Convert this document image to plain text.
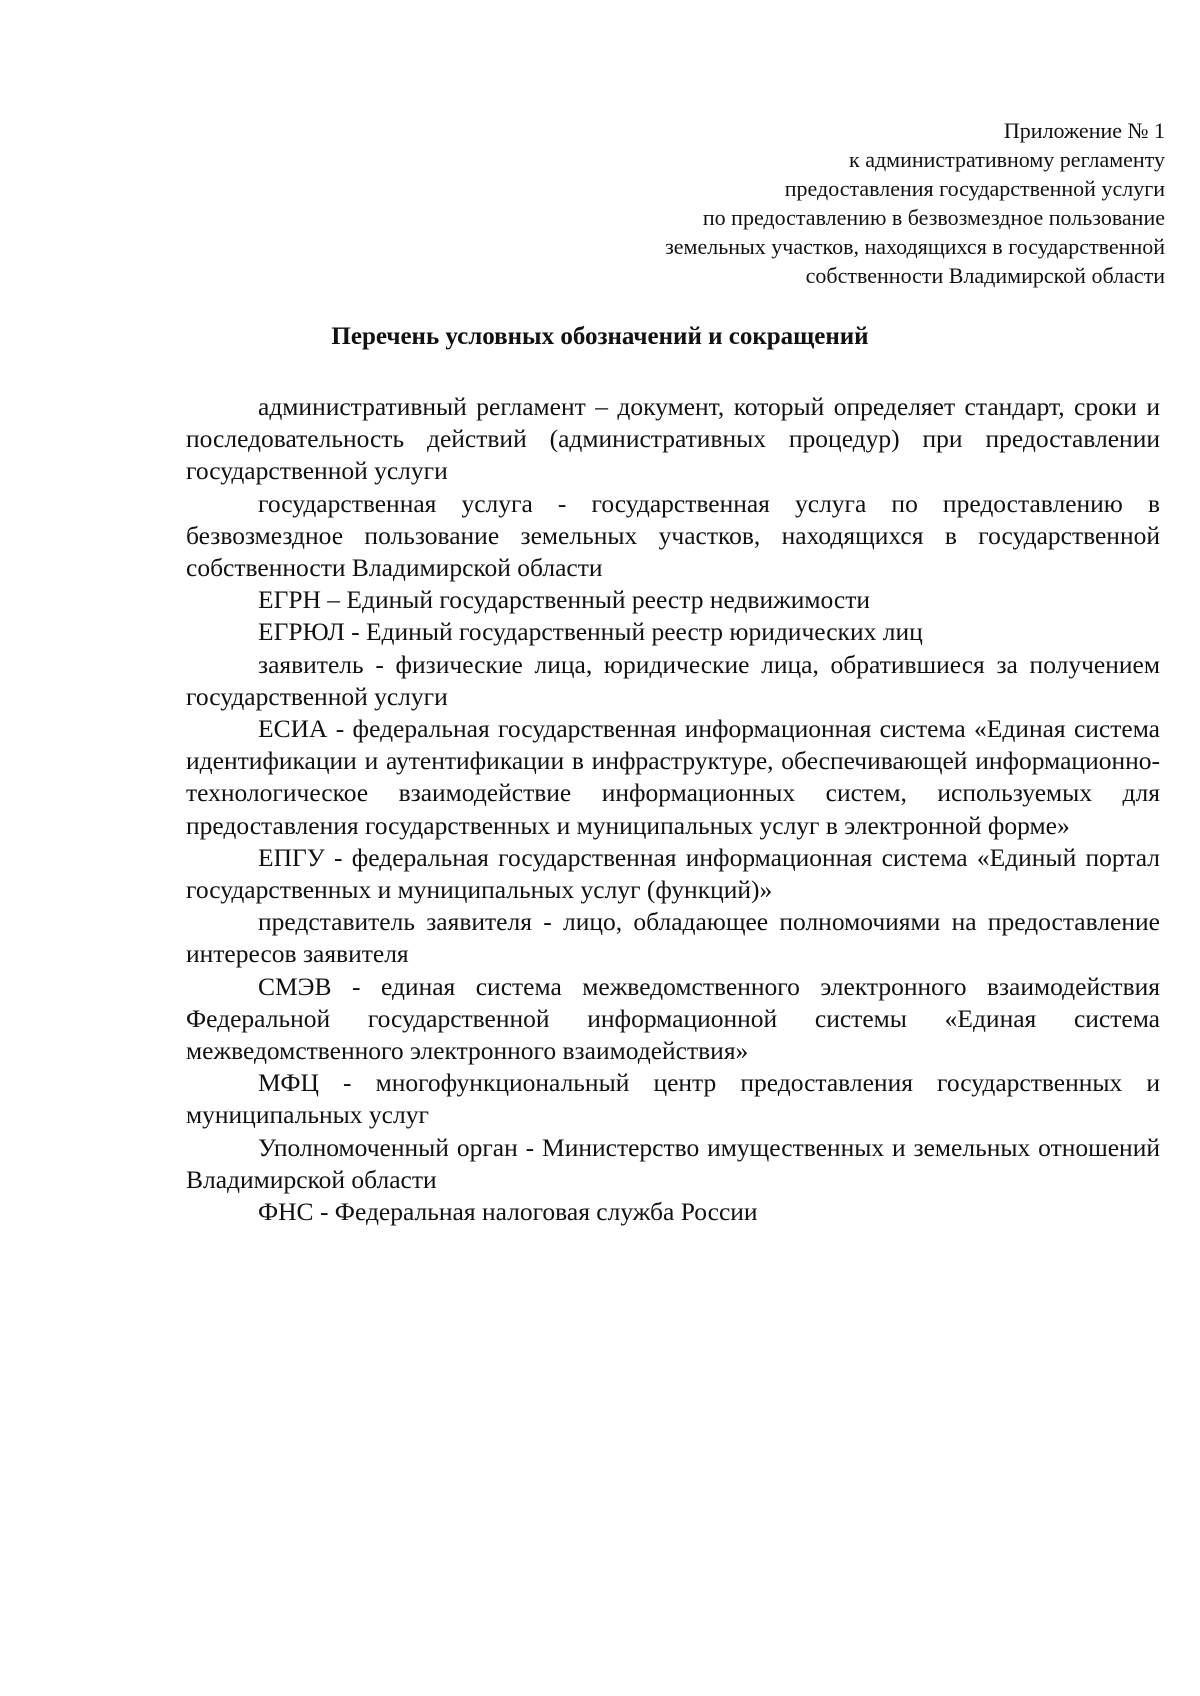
Приложение № 1
к административному регламенту
предоставления государственной услуги
по предоставлению в безвозмездное пользование
земельных участков, находящихся в государственной
собственности Владимирской области
Перечень условных обозначений и сокращений

административный регламент – документ, который определяет стандарт, сроки и последовательность действий (административных процедур) при предоставлении государственной услуги

государственная услуга - государственная услуга по предоставлению в безвозмездное пользование земельных участков, находящихся в государственной собственности Владимирской области

ЕГРН – Единый государственный реестр недвижимости

ЕГРЮЛ - Единый государственный реестр юридических лиц

заявитель - физические лица, юридические лица, обратившиеся за получением государственной услуги

ЕСИА - федеральная государственная информационная система «Единая система идентификации и аутентификации в инфраструктуре, обеспечивающей информационно-технологическое взаимодействие информационных систем, используемых для предоставления государственных и муниципальных услуг в электронной форме»

ЕПГУ - федеральная государственная информационная система «Единый портал государственных и муниципальных услуг (функций)»

представитель заявителя - лицо, обладающее полномочиями на предоставление интересов заявителя

СМЭВ - единая система межведомственного электронного взаимодействия Федеральной государственной информационной системы «Единая система межведомственного электронного взаимодействия»

МФЦ - многофункциональный центр предоставления государственных и муниципальных услуг

Уполномоченный орган - Министерство имущественных и земельных отношений Владимирской области

ФНС - Федеральная налоговая служба России
